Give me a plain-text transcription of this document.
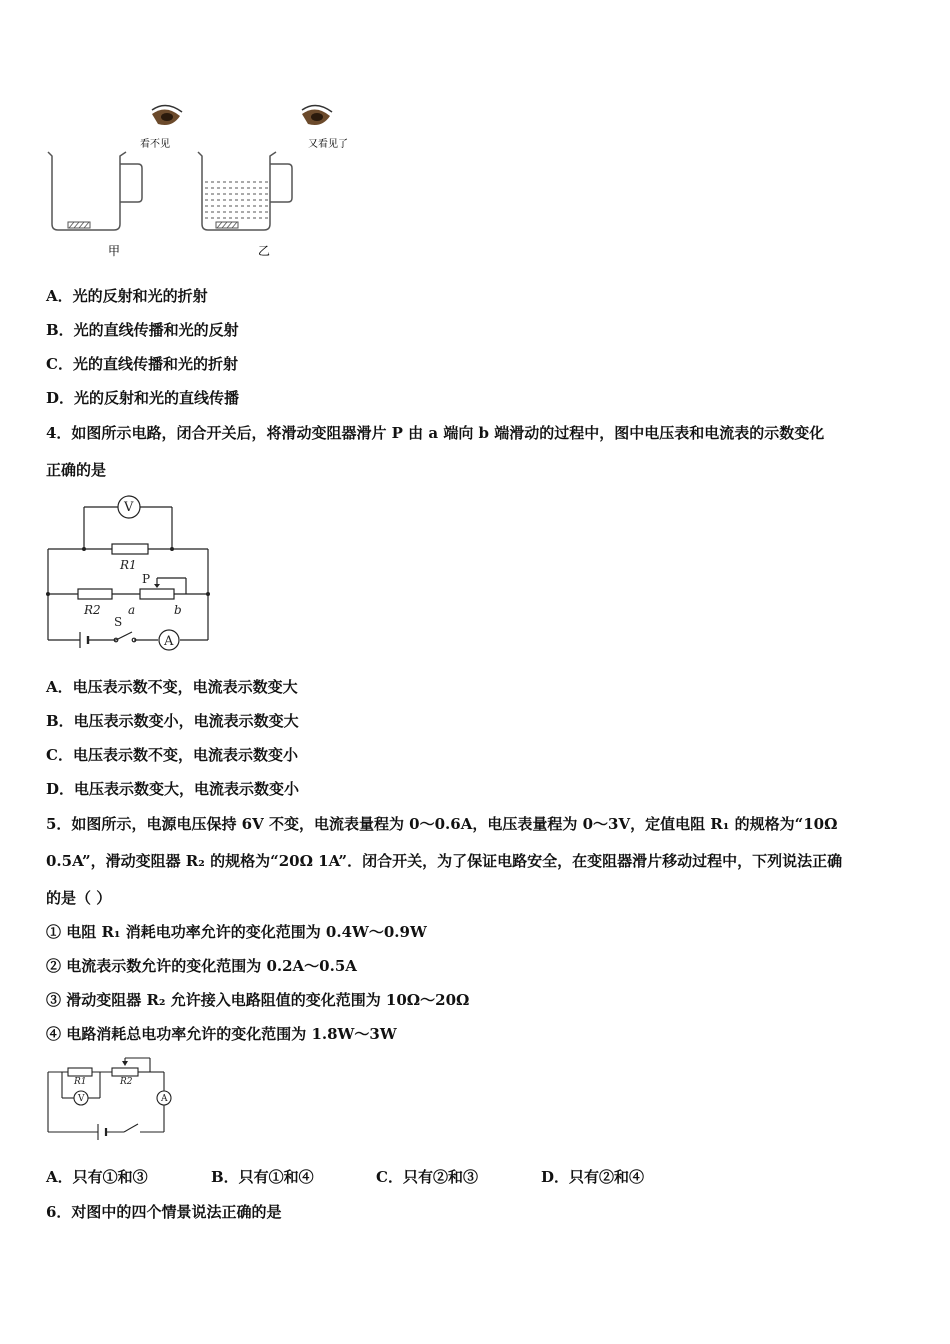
看不见
甲
又看见了
乙
A．光的反射和光的折射
B．光的直线传播和光的反射
C．光的直线传播和光的折射
D．光的反射和光的直线传播
4．如图所示电路，闭合开关后，将滑动变阻器滑片 P 由 a 端向 b 端滑动的过程中，图中电压表和电流表的示数变化
正确的是
V
A
R1
R2
P
a	b
S
A．电压表示数不变，电流表示数变大
B．电压表示数变小，电流表示数变大
C．电压表示数不变，电流表示数变小
D．电压表示数变大，电流表示数变小
5．如图所示，电源电压保持 6V 不变，电流表量程为 0～0.6A，电压表量程为 0～3V，定值电阻 R₁ 的规格为“10Ω
0.5A”，滑动变阻器 R₂ 的规格为“20Ω 1A”．闭合开关，为了保证电路安全，在变阻器滑片移动过程中，下列说法正确
的是（ ）
① 电阻 R₁ 消耗电功率允许的变化范围为 0.4W～0.9W
② 电流表示数允许的变化范围为 0.2A～0.5A
③ 滑动变阻器 R₂ 允许接入电路阻值的变化范围为 10Ω～20Ω
④ 电路消耗总电功率允许的变化范围为 1.8W～3W
R1	R2
V	A
A．只有①和③	B．只有①和④	C．只有②和③	D．只有②和④
6．对图中的四个情景说法正确的是
